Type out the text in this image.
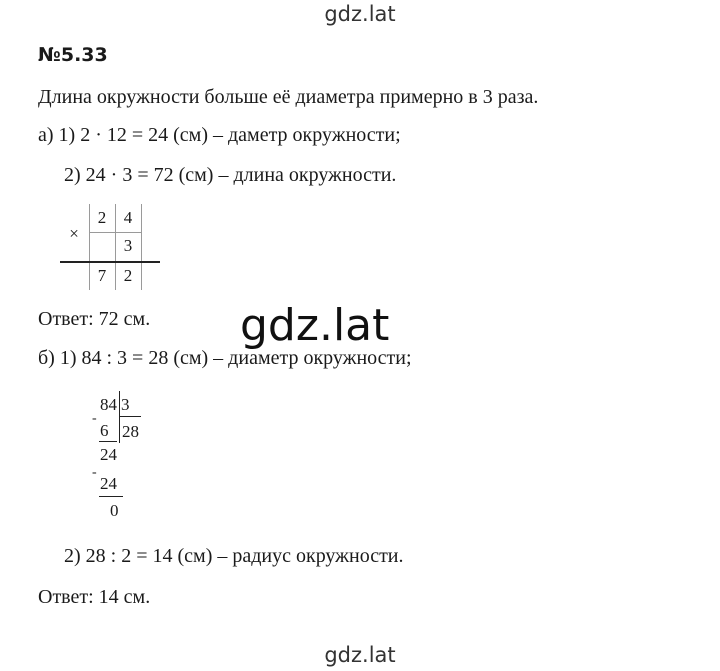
gdz.lat
№5.33
Длина окружности больше её диаметра примерно в 3 раза.
а) 1) 2 · 12 = 24 (см) – даметр окружности;
2) 24 · 3 = 72 (см) – длина окружности.
×
2	4
3
7	2
Ответ: 72 см. gdz.lat
б) 1) 84 : 3 = 28 (см) – диаметр окружности;
84 3
28
-
6
24
-
24
0
2) 28 : 2 = 14 (см) – радиус окружности.
Ответ: 14 см.
gdz.lat
